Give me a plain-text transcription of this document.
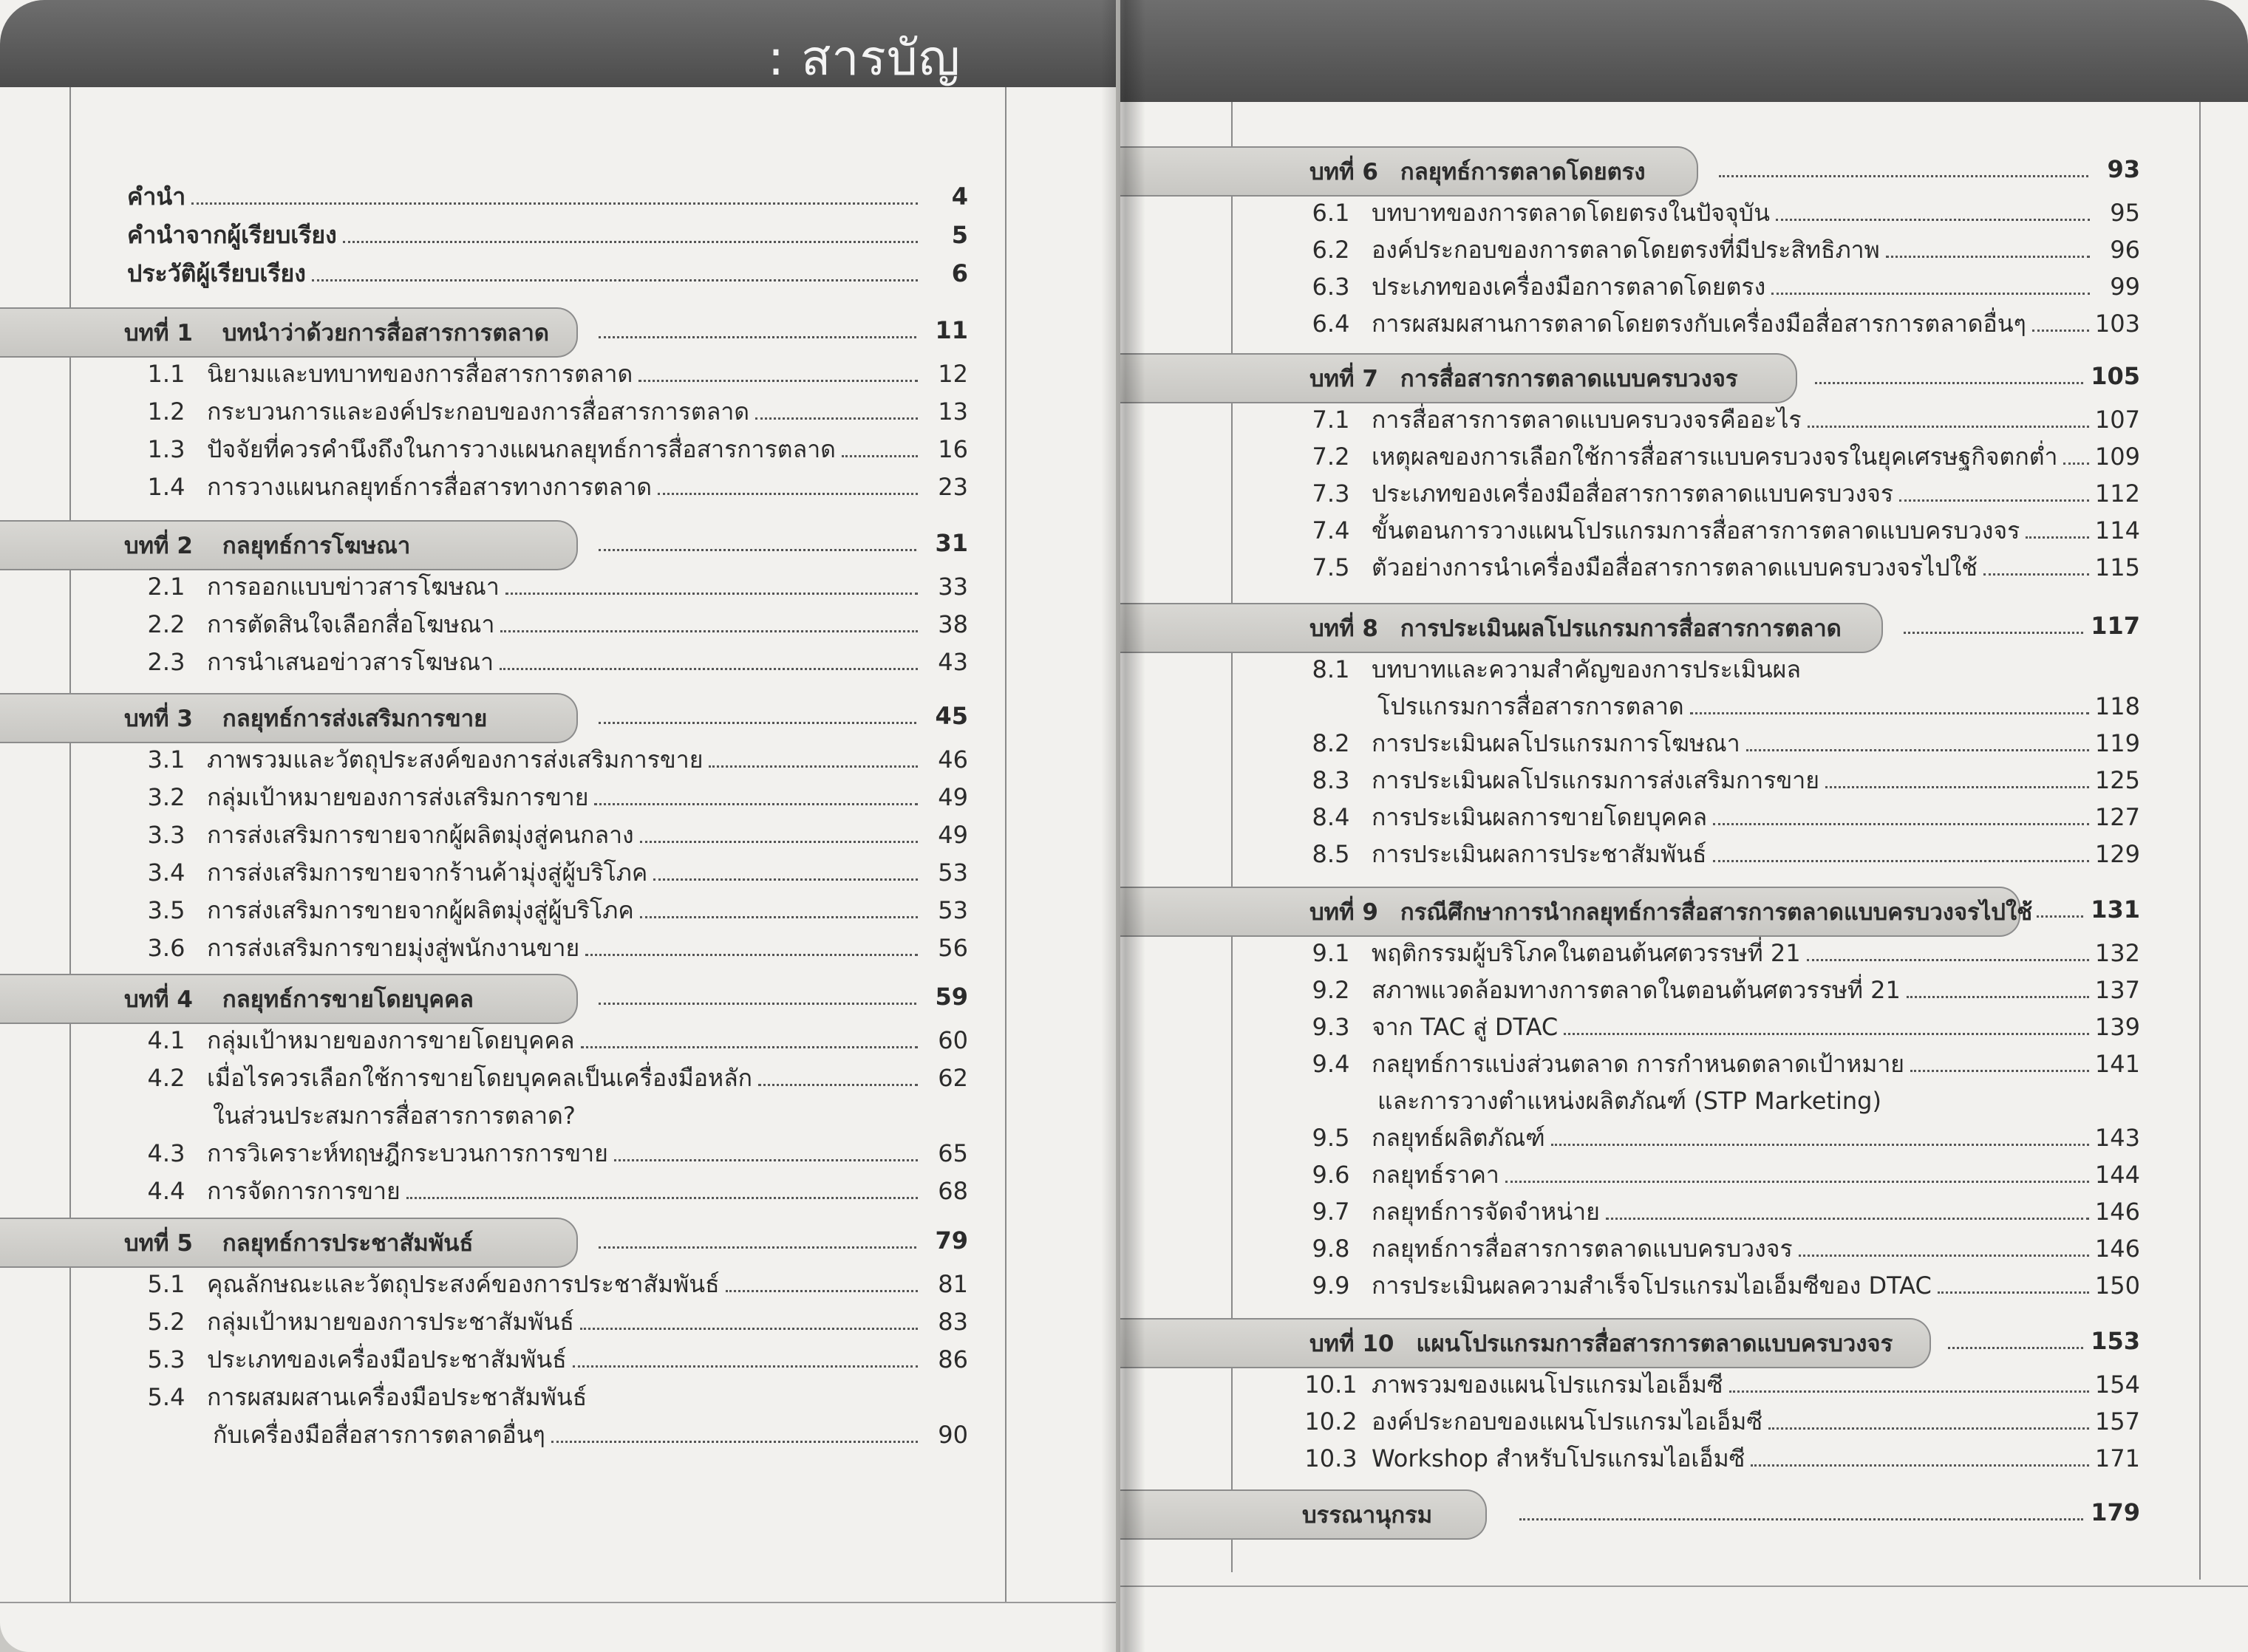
: สารบัญ
คำนำ	4
คำนำจากผู้เรียบเรียง	5
ประวัติผู้เรียบเรียง	6
บทที่ 1 บทนำว่าด้วยการสื่อสารการตลาด	11
1.1 นิยามและบทบาทของการสื่อสารการตลาด	12
1.2 กระบวนการและองค์ประกอบของการสื่อสารการตลาด	13
1.3 ปัจจัยที่ควรคำนึงถึงในการวางแผนกลยุทธ์การสื่อสารการตลาด	16
1.4 การวางแผนกลยุทธ์การสื่อสารทางการตลาด	23
บทที่ 2 กลยุทธ์การโฆษณา	31
2.1 การออกแบบข่าวสารโฆษณา	33
2.2 การตัดสินใจเลือกสื่อโฆษณา	38
2.3 การนำเสนอข่าวสารโฆษณา	43
บทที่ 3 กลยุทธ์การส่งเสริมการขาย	45
3.1 ภาพรวมและวัตถุประสงค์ของการส่งเสริมการขาย	46
3.2 กลุ่มเป้าหมายของการส่งเสริมการขาย	49
3.3 การส่งเสริมการขายจากผู้ผลิตมุ่งสู่คนกลาง	49
3.4 การส่งเสริมการขายจากร้านค้ามุ่งสู่ผู้บริโภค	53
3.5 การส่งเสริมการขายจากผู้ผลิตมุ่งสู่ผู้บริโภค	53
3.6 การส่งเสริมการขายมุ่งสู่พนักงานขาย	56
บทที่ 4 กลยุทธ์การขายโดยบุคคล	59
4.1 กลุ่มเป้าหมายของการขายโดยบุคคล	60
4.2 เมื่อไรควรเลือกใช้การขายโดยบุคคลเป็นเครื่องมือหลัก	62
ในส่วนประสมการสื่อสารการตลาด?
4.3 การวิเคราะห์ทฤษฎีกระบวนการการขาย	65
4.4 การจัดการการขาย	68
บทที่ 5 กลยุทธ์การประชาสัมพันธ์	79
5.1 คุณลักษณะและวัตถุประสงค์ของการประชาสัมพันธ์	81
5.2 กลุ่มเป้าหมายของการประชาสัมพันธ์	83
5.3 ประเภทของเครื่องมือประชาสัมพันธ์	86
5.4 การผสมผสานเครื่องมือประชาสัมพันธ์
กับเครื่องมือสื่อสารการตลาดอื่นๆ	90
บทที่ 6 กลยุทธ์การตลาดโดยตรง	93
6.1 บทบาทของการตลาดโดยตรงในปัจจุบัน	95
6.2 องค์ประกอบของการตลาดโดยตรงที่มีประสิทธิภาพ	96
6.3 ประเภทของเครื่องมือการตลาดโดยตรง	99
6.4 การผสมผสานการตลาดโดยตรงกับเครื่องมือสื่อสารการตลาดอื่นๆ	103
บทที่ 7 การสื่อสารการตลาดแบบครบวงจร	105
7.1 การสื่อสารการตลาดแบบครบวงจรคืออะไร	107
7.2 เหตุผลของการเลือกใช้การสื่อสารแบบครบวงจรในยุคเศรษฐกิจตกต่ำ 109
7.3 ประเภทของเครื่องมือสื่อสารการตลาดแบบครบวงจร	112
7.4 ขั้นตอนการวางแผนโปรแกรมการสื่อสารการตลาดแบบครบวงจร	114
7.5 ตัวอย่างการนำเครื่องมือสื่อสารการตลาดแบบครบวงจรไปใช้	115
บทที่ 8 การประเมินผลโปรแกรมการสื่อสารการตลาด	117
8.1 บทบาทและความสำคัญของการประเมินผล
โปรแกรมการสื่อสารการตลาด	118
8.2 การประเมินผลโปรแกรมการโฆษณา	119
8.3 การประเมินผลโปรแกรมการส่งเสริมการขาย	125
8.4 การประเมินผลการขายโดยบุคคล	127
8.5 การประเมินผลการประชาสัมพันธ์	129
บทที่ 9 กรณีศึกษาการนำกลยุทธ์การสื่อสารการตลาดแบบครบวงจรไปใช้ 131
9.1 พฤติกรรมผู้บริโภคในตอนต้นศตวรรษที่ 21	132
9.2 สภาพแวดล้อมทางการตลาดในตอนต้นศตวรรษที่ 21	137
9.3 จาก TAC สู่ DTAC	139
9.4 กลยุทธ์การแบ่งส่วนตลาด การกำหนดตลาดเป้าหมาย	141
และการวางตำแหน่งผลิตภัณฑ์ (STP Marketing)
9.5 กลยุทธ์ผลิตภัณฑ์	143
9.6 กลยุทธ์ราคา	144
9.7 กลยุทธ์การจัดจำหน่าย	146
9.8 กลยุทธ์การสื่อสารการตลาดแบบครบวงจร	146
9.9 การประเมินผลความสำเร็จโปรแกรมไอเอ็มซีของ DTAC	150
บทที่ 10 แผนโปรแกรมการสื่อสารการตลาดแบบครบวงจร	153
10.1 ภาพรวมของแผนโปรแกรมไอเอ็มซี	154
10.2 องค์ประกอบของแผนโปรแกรมไอเอ็มซี	157
10.3 Workshop สำหรับโปรแกรมไอเอ็มซี	171
บรรณานุกรม	179
